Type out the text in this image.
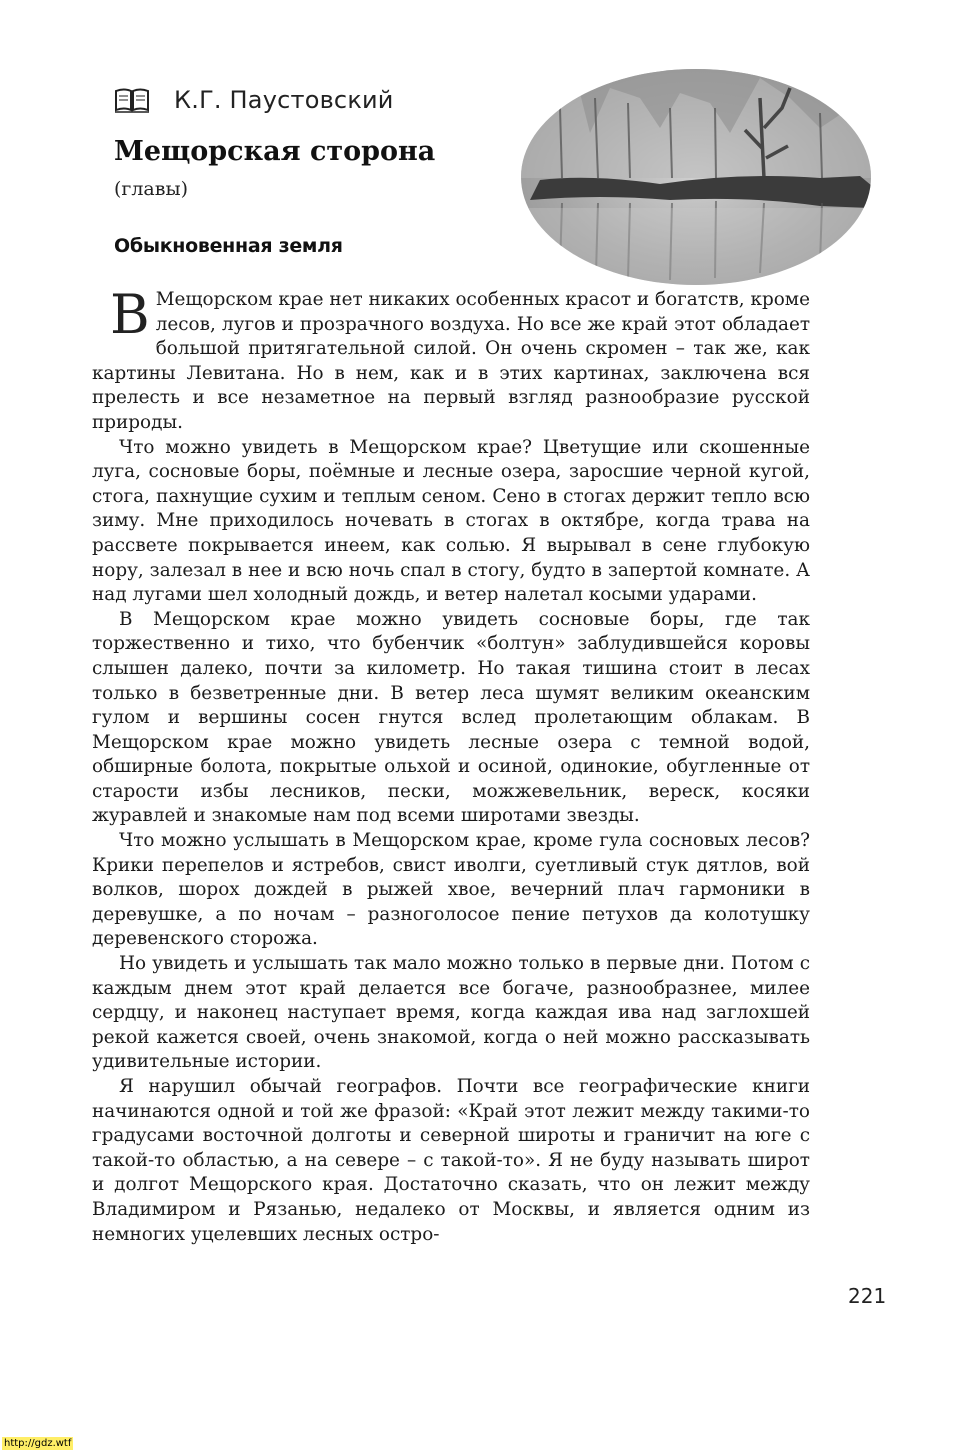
К.Г. Паустовский
Мещорская сторона
(главы)
Обыкновенная земля

В Мещорском крае нет никаких особенных красот и богатств, кроме лесов, лугов и прозрачного воздуха. Но все же край этот обладает большой притягательной силой. Он очень скромен – так же, как картины Левитана. Но в нем, как и в этих картинах, заключена вся прелесть и все незаметное на первый взгляд разнообразие русской природы.

Что можно увидеть в Мещорском крае? Цветущие или скошенные луга, сосновые боры, поёмные и лесные озера, заросшие черной кугой, стога, пахнущие сухим и теплым сеном. Сено в стогах держит тепло всю зиму. Мне приходилось ночевать в стогах в октябре, когда трава на рассвете покрывается инеем, как солью. Я вырывал в сене глубокую нору, залезал в нее и всю ночь спал в стогу, будто в запертой комнате. А над лугами шел холодный дождь, и ветер налетал косыми ударами.

В Мещорском крае можно увидеть сосновые боры, где так торжественно и тихо, что бубенчик «болтун» заблудившейся коровы слышен далеко, почти за километр. Но такая тишина стоит в лесах только в безветренные дни. В ветер леса шумят великим океанским гулом и вершины сосен гнутся вслед пролетающим облакам. В Мещорском крае можно увидеть лесные озера с темной водой, обширные болота, покрытые ольхой и осиной, одинокие, обугленные от старости избы лесников, пески, можжевельник, вереск, косяки журавлей и знакомые нам под всеми широтами звезды.

Что можно услышать в Мещорском крае, кроме гула сосновых лесов? Крики перепелов и ястребов, свист иволги, суетливый стук дятлов, вой волков, шорох дождей в рыжей хвое, вечерний плач гармоники в деревушке, а по ночам – разноголосое пение петухов да колотушку деревенского сторожа.

Но увидеть и услышать так мало можно только в первые дни. Потом с каждым днем этот край делается все богаче, разнообразнее, милее сердцу, и наконец наступает время, когда каждая ива над заглохшей рекой кажется своей, очень знакомой, когда о ней можно рассказывать удивительные истории.

Я нарушил обычай географов. Почти все географические книги начинаются одной и той же фразой: «Край этот лежит между такими-то градусами восточной долготы и северной широты и граничит на юге с такой-то областью, а на севере – с такой-то». Я не буду называть широт и долгот Мещорского края. Достаточно сказать, что он лежит между Владимиром и Рязанью, недалеко от Москвы, и является одним из немногих уцелевших лесных остро-

221
http://gdz.wtf
